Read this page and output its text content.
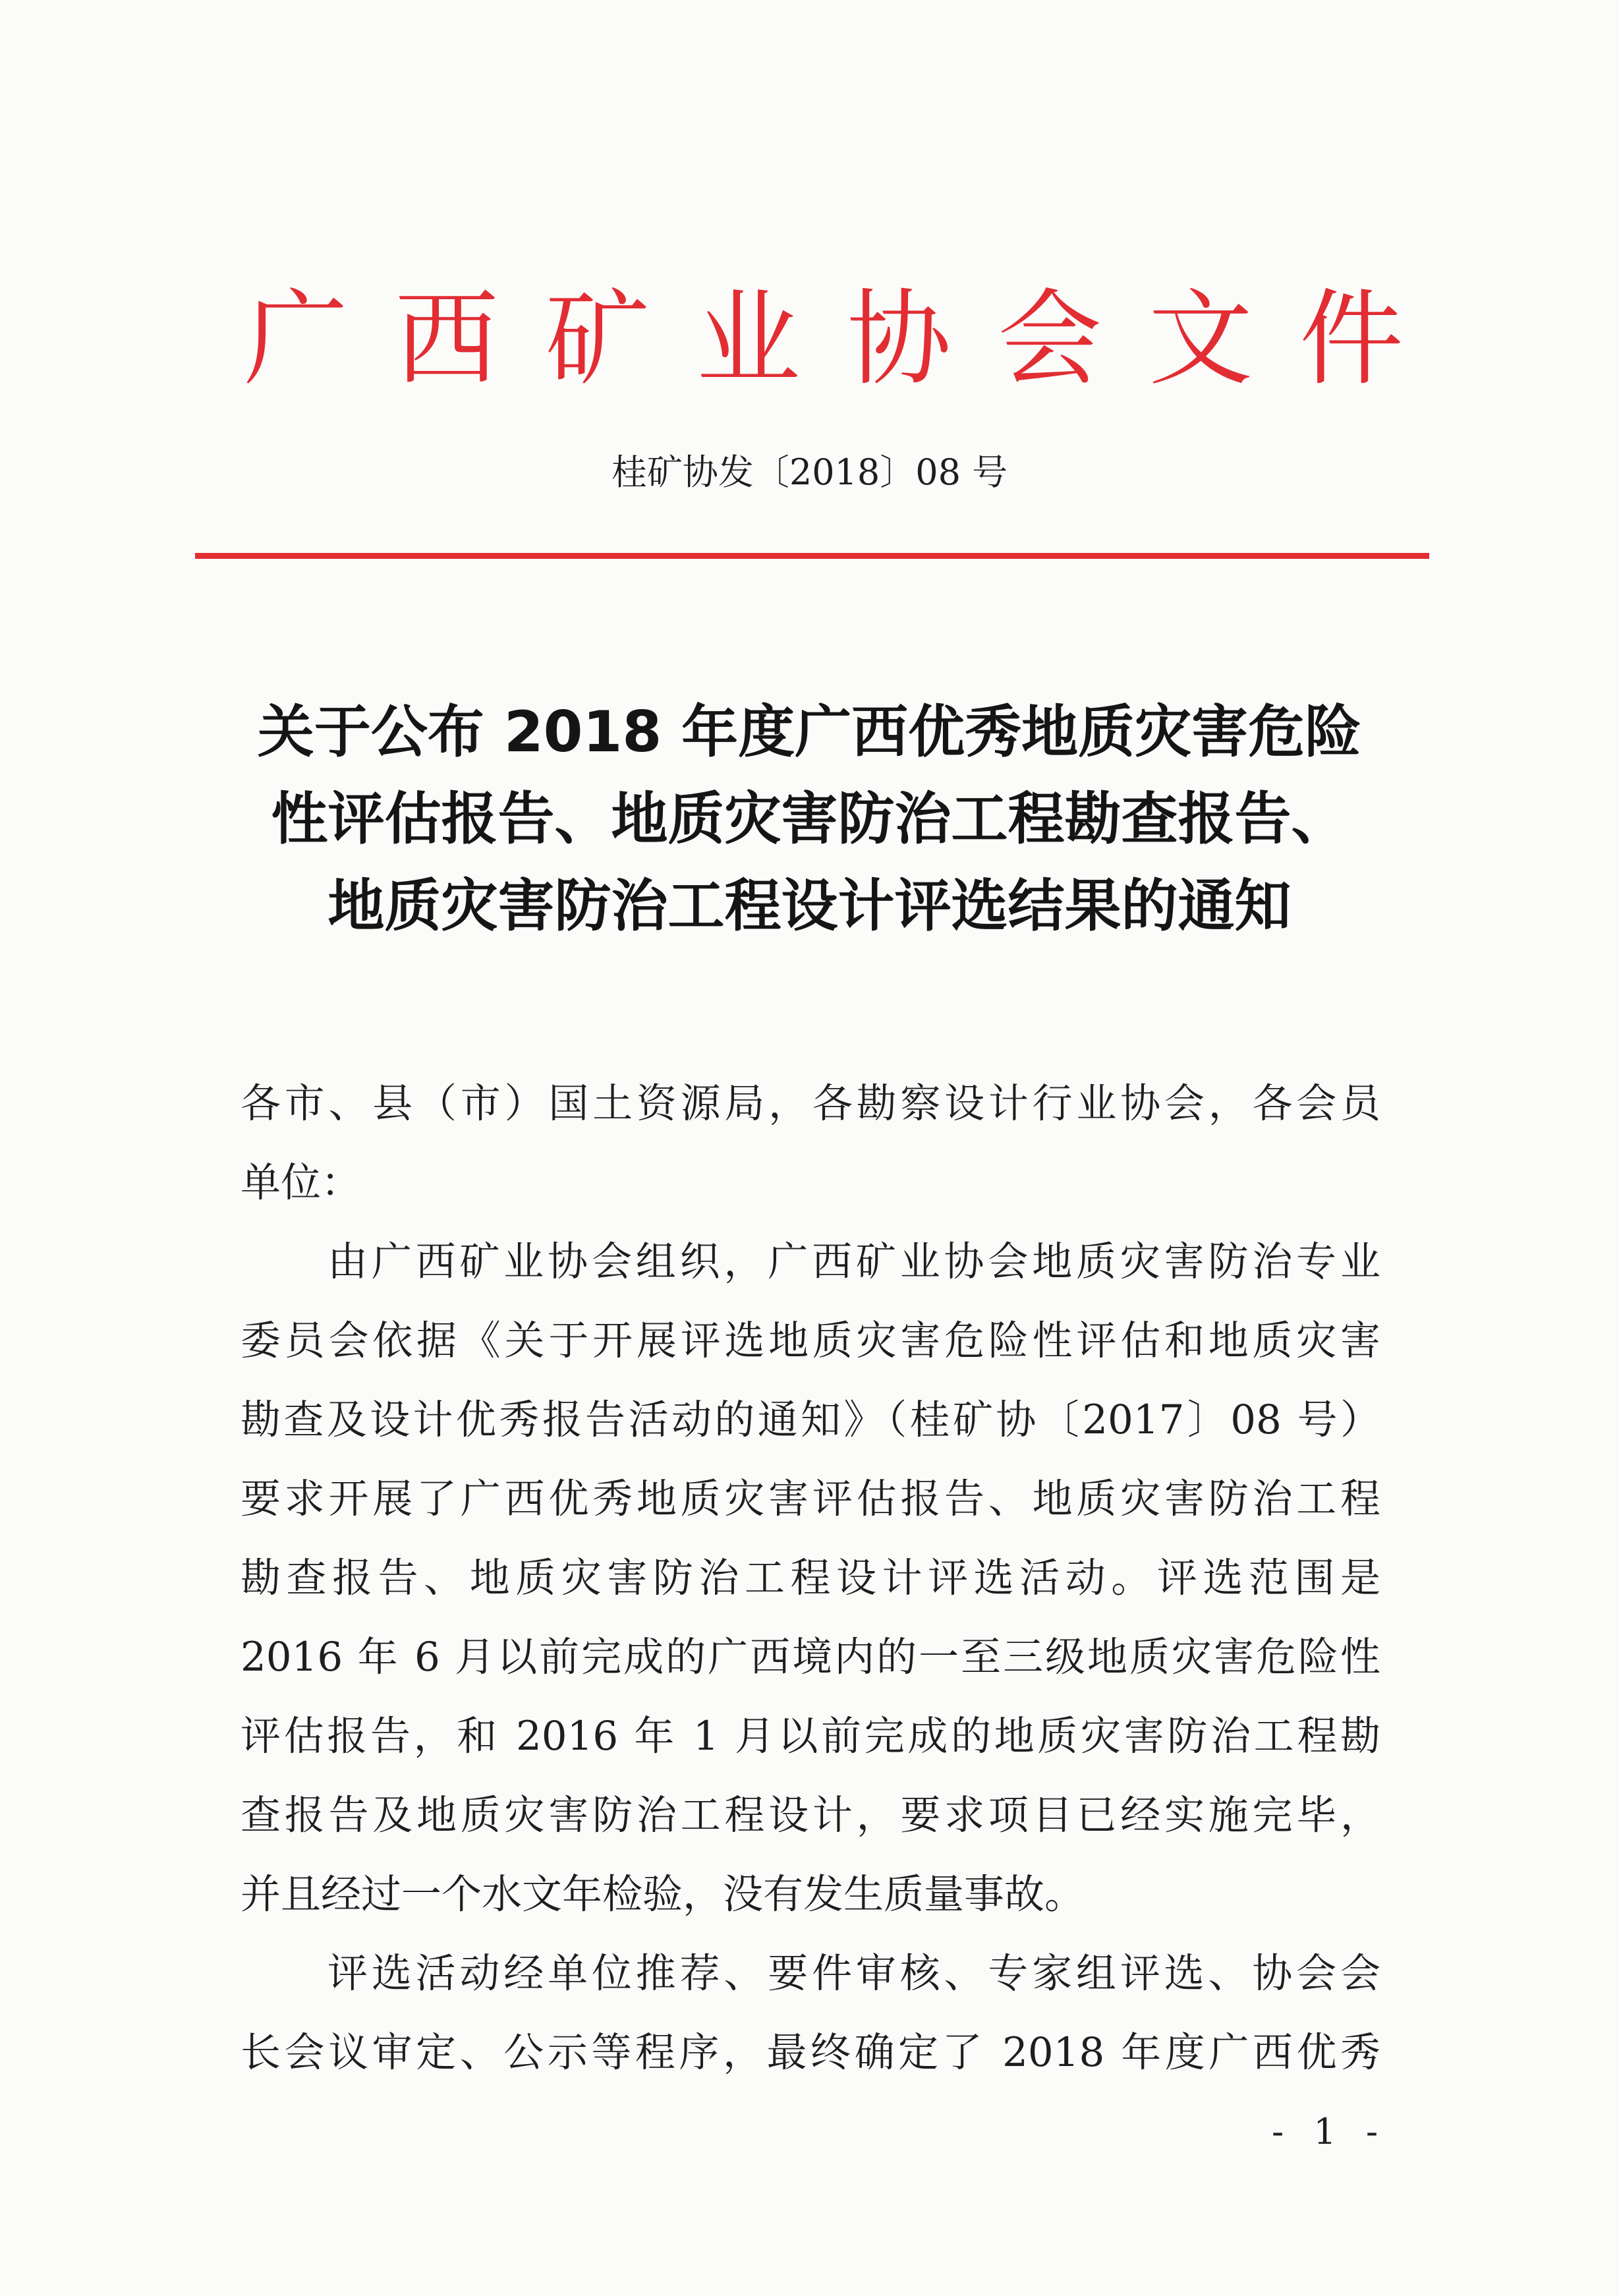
广 西 矿 业 协 会 文 件
桂矿协发〔2018〕08 号
关于公布 2018 年度广西优秀地质灾害危险
性评估报告、地质灾害防治工程勘查报告、
地质灾害防治工程设计评选结果的通知
各市、县（市）国土资源局，各勘察设计行业协会，各会员
单位：
由广西矿业协会组织，广西矿业协会地质灾害防治专业
委员会依据《关于开展评选地质灾害危险性评估和地质灾害
勘查及设计优秀报告活动的通知》（桂矿协〔2017〕08 号）
要求开展了广西优秀地质灾害评估报告、地质灾害防治工程
勘查报告、地质灾害防治工程设计评选活动。评选范围是
2016 年 6 月以前完成的广西境内的一至三级地质灾害危险性
评估报告，和 2016 年 1 月以前完成的地质灾害防治工程勘
查报告及地质灾害防治工程设计，要求项目已经实施完毕，
并且经过一个水文年检验，没有发生质量事故。
评选活动经单位推荐、要件审核、专家组评选、协会会
长会议审定、公示等程序，最终确定了 2018 年度广西优秀
- 1 -
